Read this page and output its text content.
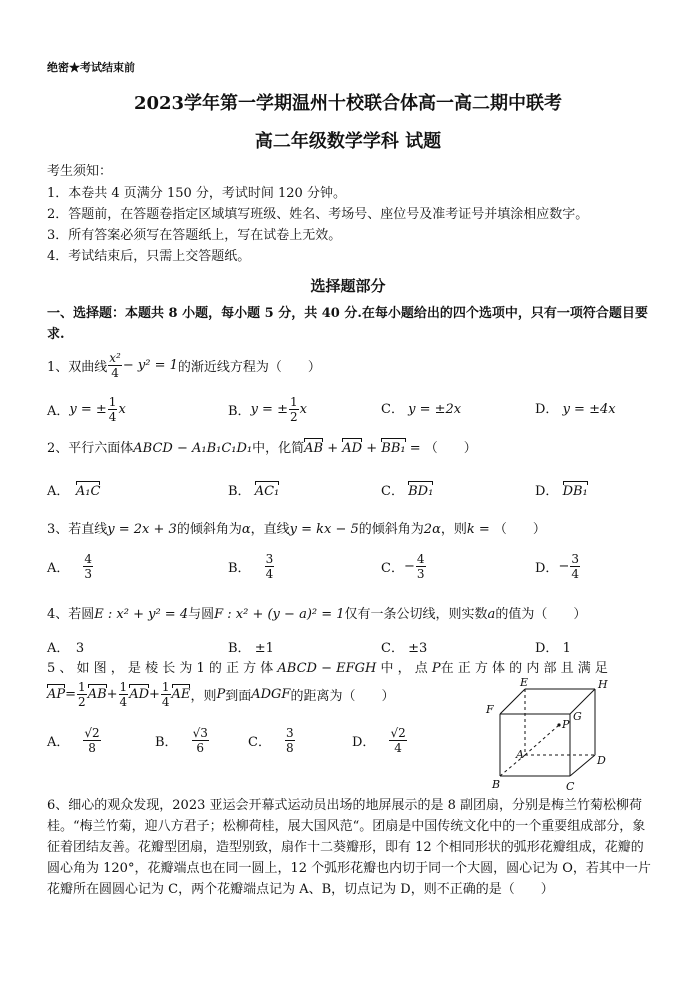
绝密★考试结束前
2023学年第一学期温州十校联合体高一高二期中联考
高二年级数学学科 试题
考生须知：
1．本卷共 4 页满分 150 分，考试时间 120 分钟。
2．答题前，在答题卷指定区域填写班级、姓名、考场号、座位号及准考证号并填涂相应数字。
3．所有答案必须写在答题纸上，写在试卷上无效。
4．考试结束后，只需上交答题纸。
选择题部分
一、选择题：本题共 8 小题，每小题 5 分，共 40 分.在每小题给出的四个选项中，只有一项符合题目要求.
1、双曲线 $\frac{\text{x²}}{4} - y^2 = 1$ 的渐近线方程为（　　）
A． y = ± $\frac{1}{4}$ x	B． y = ± $\frac{1}{2}$ x	C． y = ±2x	D． y = ±4x
2、平行六面体ABCD − A₁B₁C₁D₁中，化简AB + AD + BB₁ = （　　）
A．　 A₁C	B． AC₁	C． BD₁	D． DB₁
3、若直线y = 2x + 3的倾斜角为α，直线y = kx − 5的倾斜角为2α，则k = （　　）
A．
　 $\frac{4}{3}$	B．
　 $\frac{3}{4}$	C． − $\frac{4}{3}$	D． − $\frac{3}{4}$
4、若圆E : x² + y² = 4与圆F : x² + (y − a)² = 1仅有一条公切线，则实数a的值为（　　）
A．　 3	B． ±1	C． ±3	D． 1
5 、 如 图 ， 是 棱 长 为 1 的 正 方 体 ABCD − EFGH 中 ， 点 P在 正 方 体 的 内 部 且 满 足
AP = $\frac{1}{2}$ AB + $\frac{1}{4}$ AD + $\frac{1}{4}$ AE ，则 P 到面 ADGF 的距离为（　　）
A．
　 $\frac{√2}{8}$	B．
　 $\frac{√3}{6}$	C．
　 $\frac{3}{8}$	D．
　 $\frac{√2}{4}$
E	H
F
G
A
P
D
B	C
6、细心的观众发现，2023 亚运会开幕式运动员出场的地屏展示的是 8 副团扇，分别是梅兰竹菊松柳荷桂。“梅兰竹菊，迎八方君子；松柳荷桂，展大国风范“。团扇是中国传统文化中的一个重要组成部分，象征着团结友善。花瓣型团扇，造型别致，扇作十二葵瓣形，即有 12 个相同形状的弧形花瓣组成，花瓣的圆心角为 120°，花瓣端点也在同一圆上，12 个弧形花瓣也内切于同一个大圆，圆心记为 O，若其中一片花瓣所在圆圆心记为 C，两个花瓣端点记为 A、B，切点记为 D，则不正确的是（　　）
